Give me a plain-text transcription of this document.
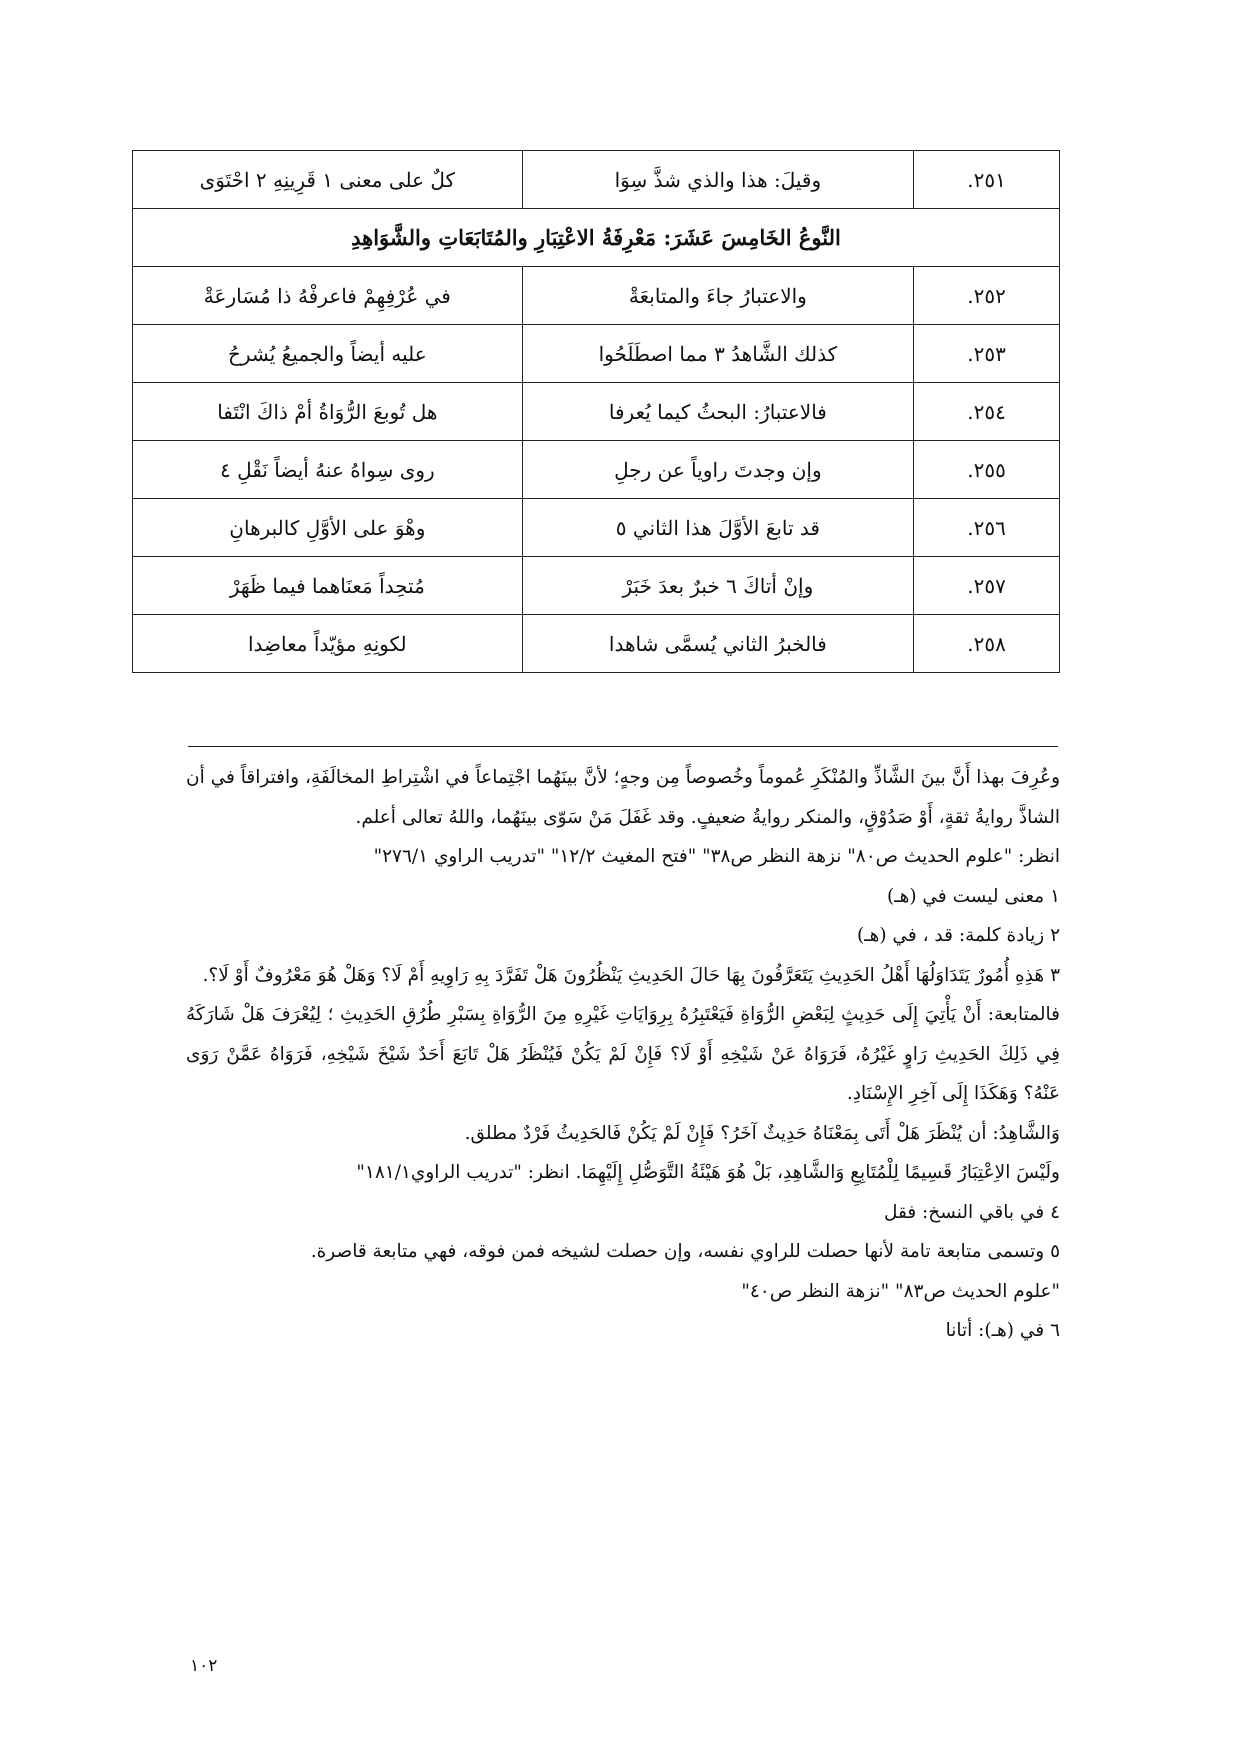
٢٥١.	وقيلَ: هذا والذي شذَّ سِوَا	كلٌ على معنى ١ قَرِينِهِ ٢ احْتَوَى
النَّوعُ الخَامِسَ عَشَرَ: مَعْرِفَةُ الاعْتِبَارِ والمُتَابَعَاتِ والشَّوَاهِدِ		
٢٥٢.	والاعتبارُ جاءَ والمتابعَةْ	في عُرْفِهِمْ فاعرفْهُ ذا مُسَارعَةْ
٢٥٣.	كذلك الشَّاهدُ ٣ مما اصطَلَحُوا	عليه أيضاً والجميعُ يُشرحُ
٢٥٤.	فالاعتبارُ: البحثُ كيما يُعرفا	هل تُوبعَ الرُّوَاةُ أمْ ذاكَ انْتَفا
٢٥٥.	وإن وجدتَ راوياً عن رجلِ	روى سِواهُ عنهُ أيضاً نَقْلِ ٤
٢٥٦.	قد تابعَ الأوَّلَ هذا الثاني ٥	وهْوَ على الأوَّلِ كالبرهانِ
٢٥٧.	وإنْ أتاكَ ٦ خبرٌ بعدَ خَبَرْ	مُتحِداً مَعنَاهما فيما ظَهَرْ
٢٥٨.	فالخبرُ الثاني يُسمَّى شاهدا	لكونِهِ مؤيّداً معاضِدا

وعُرِفَ بهذا أَنَّ بينَ الشَّاذِّ والمُنْكَرِ عُموماً وخُصوصاً مِن وجهٍ؛ لأنَّ بينَهُما اجْتِماعاً في اشْتِراطِ المخالَفَةِ، وافتراقاً في أن الشاذَّ روايةُ ثقةٍ، أَوْ صَدُوْقٍ، والمنكر روايةُ ضعيفٍ. وقد غَفَلَ مَنْ سَوّى بينَهُما، واللهُ تعالى أعلم.

انظر: "علوم الحديث ص٨٠" نزهة النظر ص٣٨" "فتح المغيث ١٢/٢" "تدريب الراوي ٢٧٦/١"

١ معنى ليست في (هـ)

٢ زيادة كلمة: قد ، في (هـ)

٣ هَذِهِ أُمُورٌ يَتَدَاوَلُهَا أَهْلُ الحَدِيثِ يَتَعَرَّفُونَ بِهَا حَالَ الحَدِيثِ يَنْظُرُونَ هَلْ تَفَرَّدَ بِهِ رَاوِيهِ أَمْ لَا؟ وَهَلْ هُوَ مَعْرُوفٌ أَوْ لَا؟.

فالمتابعة: أَنْ يَأْتِيَ إِلَى حَدِيثٍ لِبَعْضِ الرُّوَاةِ فَيَعْتَبِرُهُ بِرِوَايَاتِ غَيْرِهِ مِنَ الرُّوَاةِ بِسَبْرِ طُرُقِ الحَدِيثِ ؛ لِيُعْرَفَ هَلْ شَارَكَهُ فِي ذَلِكَ الحَدِيثِ رَاوٍ غَيْرُهُ، فَرَوَاهُ عَنْ شَيْخِهِ أَوْ لَا؟ فَإِنْ لَمْ يَكُنْ فَيُنْظَرُ هَلْ تَابَعَ أَحَدٌ شَيْخَ شَيْخِهِ، فَرَوَاهُ عَمَّنْ رَوَى عَنْهُ؟ وَهَكَذَا إِلَى آخِرِ الإِسْنَادِ.

وَالشَّاهِدُ: أن يُنْظَرَ هَلْ أَتَى بِمَعْنَاهُ حَدِيثٌ آخَرُ؟ فَإِنْ لَمْ يَكُنْ فَالحَدِيثُ فَرْدٌ مطلق.

ولَيْسَ الاِعْتِبَارُ قَسِيمًا لِلْمُتَابِعِ وَالشَّاهِدِ، بَلْ هُوَ هَيْئَةُ التَّوَصُّلِ إِلَيْهِمَا. انظر: "تدريب الراوي١٨١/١"

٤ في باقي النسخ: فقل

٥ وتسمى متابعة تامة لأنها حصلت للراوي نفسه، وإن حصلت لشيخه فمن فوقه، فهي متابعة قاصرة.

"علوم الحديث ص٨٣" "نزهة النظر ص٤٠"

٦ في (هـ): أتانا

١٠٢
